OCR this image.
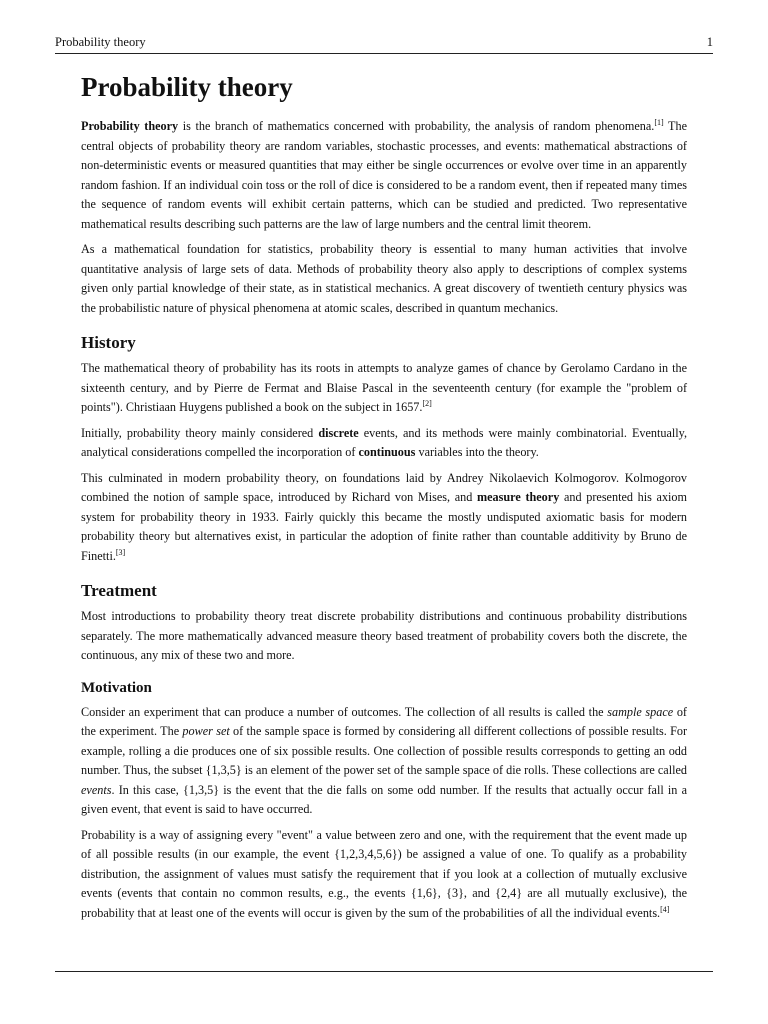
Probability theory	1
Probability theory

Probability theory is the branch of mathematics concerned with probability, the analysis of random phenomena.[1] The central objects of probability theory are random variables, stochastic processes, and events: mathematical abstractions of non-deterministic events or measured quantities that may either be single occurrences or evolve over time in an apparently random fashion. If an individual coin toss or the roll of dice is considered to be a random event, then if repeated many times the sequence of random events will exhibit certain patterns, which can be studied and predicted. Two representative mathematical results describing such patterns are the law of large numbers and the central limit theorem.

As a mathematical foundation for statistics, probability theory is essential to many human activities that involve quantitative analysis of large sets of data. Methods of probability theory also apply to descriptions of complex systems given only partial knowledge of their state, as in statistical mechanics. A great discovery of twentieth century physics was the probabilistic nature of physical phenomena at atomic scales, described in quantum mechanics.

History

The mathematical theory of probability has its roots in attempts to analyze games of chance by Gerolamo Cardano in the sixteenth century, and by Pierre de Fermat and Blaise Pascal in the seventeenth century (for example the "problem of points"). Christiaan Huygens published a book on the subject in 1657.[2]

Initially, probability theory mainly considered discrete events, and its methods were mainly combinatorial. Eventually, analytical considerations compelled the incorporation of continuous variables into the theory.

This culminated in modern probability theory, on foundations laid by Andrey Nikolaevich Kolmogorov. Kolmogorov combined the notion of sample space, introduced by Richard von Mises, and measure theory and presented his axiom system for probability theory in 1933. Fairly quickly this became the mostly undisputed axiomatic basis for modern probability theory but alternatives exist, in particular the adoption of finite rather than countable additivity by Bruno de Finetti.[3]

Treatment

Most introductions to probability theory treat discrete probability distributions and continuous probability distributions separately. The more mathematically advanced measure theory based treatment of probability covers both the discrete, the continuous, any mix of these two and more.

Motivation

Consider an experiment that can produce a number of outcomes. The collection of all results is called the sample space of the experiment. The power set of the sample space is formed by considering all different collections of possible results. For example, rolling a die produces one of six possible results. One collection of possible results corresponds to getting an odd number. Thus, the subset {1,3,5} is an element of the power set of the sample space of die rolls. These collections are called events. In this case, {1,3,5} is the event that the die falls on some odd number. If the results that actually occur fall in a given event, that event is said to have occurred.

Probability is a way of assigning every "event" a value between zero and one, with the requirement that the event made up of all possible results (in our example, the event {1,2,3,4,5,6}) be assigned a value of one. To qualify as a probability distribution, the assignment of values must satisfy the requirement that if you look at a collection of mutually exclusive events (events that contain no common results, e.g., the events {1,6}, {3}, and {2,4} are all mutually exclusive), the probability that at least one of the events will occur is given by the sum of the probabilities of all the individual events.[4]
